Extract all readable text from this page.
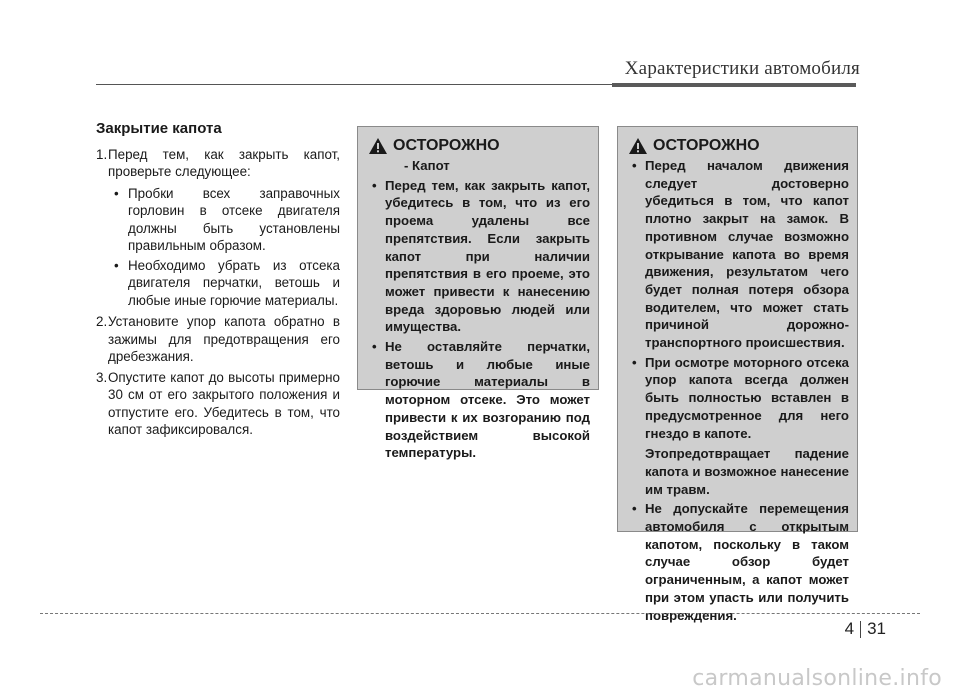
Характеристики автомобиля
Закрытие капота
1. Перед тем, как закрыть капот, проверьте следующее:
• Пробки всех заправочных горловин в отсеке двигателя должны быть установлены правильным образом.
• Необходимо убрать из отсека двигателя перчатки, ветошь и любые иные горючие материалы.
2. Установите упор капота обратно в зажимы для предотвращения его дребезжания.
3. Опустите капот до высоты примерно 30 см от его закрытого положения и отпустите его. Убедитесь в том, что капот зафиксировался.
ОСТОРОЖНО
- Капот
• Перед тем, как закрыть капот, убедитесь в том, что из его проема удалены все препятствия. Если закрыть капот при наличии препятствия в его проеме, это может привести к нанесению вреда здоровью людей или имущества.
• Не оставляйте перчатки, ветошь и любые иные горючие материалы в моторном отсеке. Это может привести к их возгоранию под воздействием высокой температуры.
ОСТОРОЖНО
• Перед началом движения следует достоверно убедиться в том, что капот плотно закрыт на замок. В противном случае возможно открывание капота во время движения, результатом чего будет полная потеря обзора водителем, что может стать причиной дорожно-транспортного происшествия.
• При осмотре моторного отсека упор капота всегда должен быть полностью вставлен в предусмотренное для него гнездо в капоте.
Этопредотвращает падение капота и возможное нанесение им травм.
• Не допускайте перемещения автомобиля с открытым капотом, поскольку в таком случае обзор будет ограниченным, а капот может при этом упасть или получить повреждения.
4 31
carmanualsonline.info
